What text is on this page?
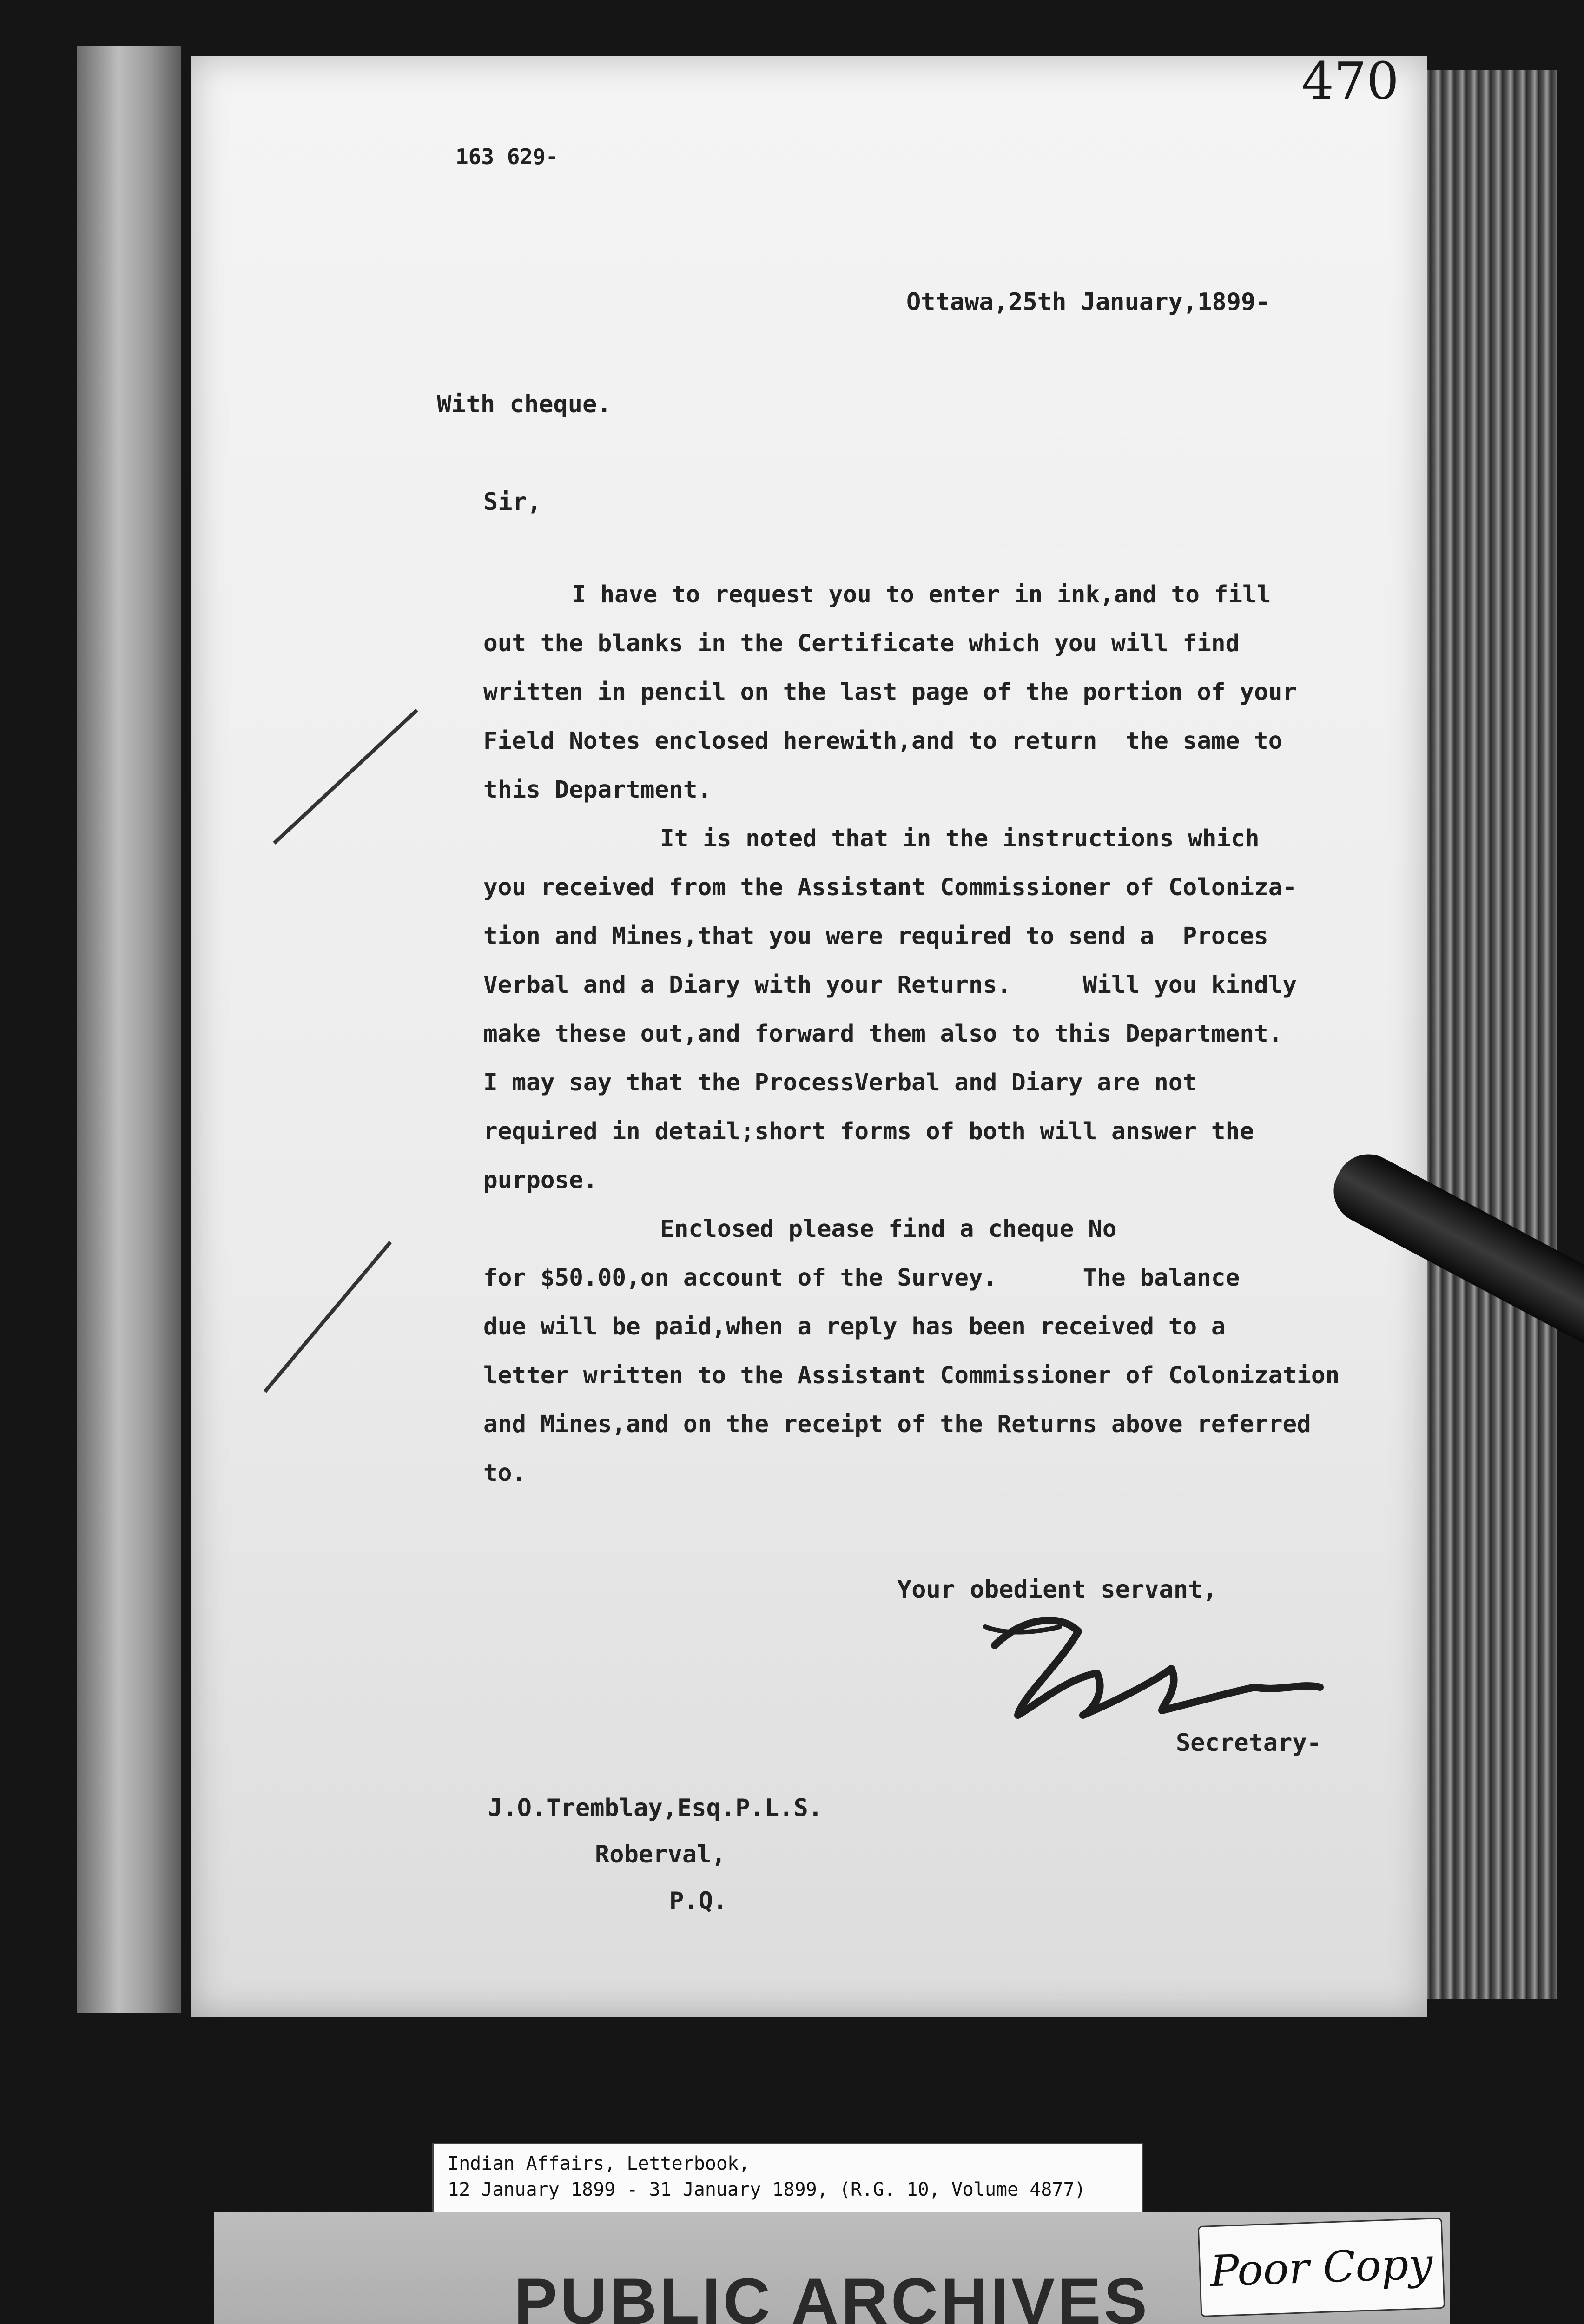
470
163 629-
Ottawa,25th January,1899-
With cheque.
Sir,
I have to request you to enter in ink,and to fill
out the blanks in the Certificate which you will find
written in pencil on the last page of the portion of your
Field Notes enclosed herewith,and to return  the same to
this Department.
It is noted that in the instructions which
you received from the Assistant Commissioner of Coloniza-
tion and Mines,that you were required to send a  Proces
Verbal and a Diary with your Returns.     Will you kindly
make these out,and forward them also to this Department.
I may say that the ProcessVerbal and Diary are not
required in detail;short forms of both will answer the
purpose.
Enclosed please find a cheque No
for $50.00,on account of the Survey.      The balance
due will be paid,when a reply has been received to a
letter written to the Assistant Commissioner of Colonization
and Mines,and on the receipt of the Returns above referred
to.
Your obedient servant,
Secretary-
J.O.Tremblay,Esq.P.L.S.
Roberval,
P.Q.
Indian Affairs, Letterbook,
12 January 1899 - 31 January 1899, (R.G. 10, Volume 4877)
PUBLIC ARCHIVES	Poor Copy
